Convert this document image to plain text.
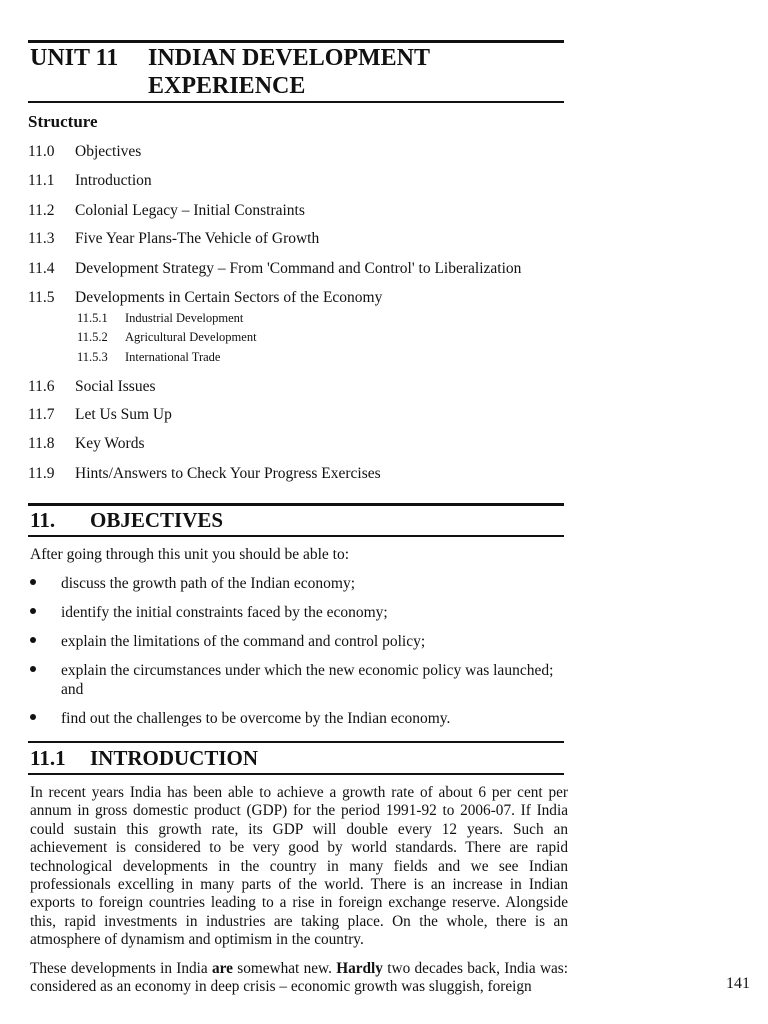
UNIT 11 INDIAN DEVELOPMENT EXPERIENCE
Structure
11.0	Objectives
11.1	Introduction
11.2	Colonial Legacy – Initial Constraints
11.3	Five Year Plans-The Vehicle of Growth
11.4	Development Strategy – From 'Command and Control' to Liberalization
11.5	Developments in Certain Sectors of the Economy
11.5.1 Industrial Development
11.5.2 Agricultural Development
11.5.3 International Trade
11.6	Social Issues
11.7	Let Us Sum Up
11.8	Key Words
11.9	Hints/Answers to Check Your Progress Exercises
11. OBJECTIVES
After going through this unit you should be able to:
discuss the growth path of the Indian economy;
identify the initial constraints faced by the economy;
explain the limitations of the command and control policy;
explain the circumstances under which the new economic policy was launched; and
find out the challenges to be overcome by the Indian economy.
11.1 INTRODUCTION
In recent years India has been able to achieve a growth rate of about 6 per cent per annum in gross domestic product (GDP) for the period 1991-92 to 2006-07. If India could sustain this growth rate, its GDP will double every 12 years. Such an achievement is considered to be very good by world standards. There are rapid technological developments in the country in many fields and we see Indian professionals excelling in many parts of the world. There is an increase in Indian exports to foreign countries leading to a rise in foreign exchange reserve. Alongside this, rapid investments in industries are taking place. On the whole, there is an atmosphere of dynamism and optimism in the country.
These developments in India are somewhat new. Hardly two decades back, India was: considered as an economy in deep crisis – economic growth was sluggish, foreign	141
